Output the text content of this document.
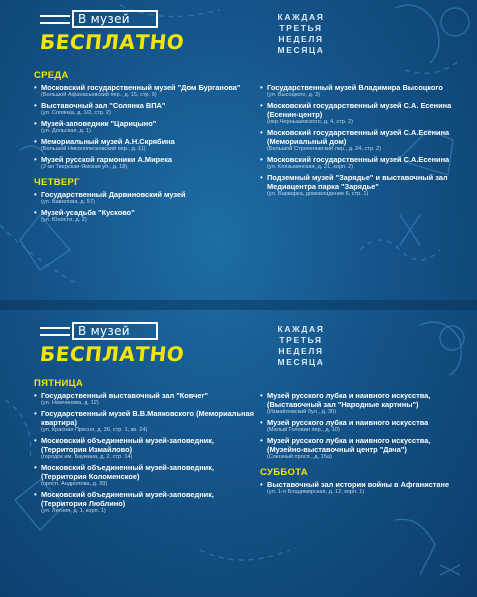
В музей
БЕСПЛАТНО
КАЖДАЯ
ТРЕТЬЯ
НЕДЕЛЯ
МЕСЯЦА
СРЕДА
• Московский государственный музей "Дом Бурганова"
(Большой Афанасьевский пер., д. 15, стр. 9)
• Выставочный зал "Солянка ВПА"
(ул. Солянка, д. 1/2, стр. 2)
• Музей-заповедник "Царицыно"
(ул. Дольская, д. 1)
• Мемориальный музей А.Н.Скрябина
(Большой Николопесковский пер., д. 11)
• Музей русской гармоники А.Мирека
(2-ая Тверская-Ямская ул., д. 18)
ЧЕТВЕРГ
• Государственный Дарвиновский музей
(ул. Вавилова, д. 57)
• Музей-усадьба "Кусково"
(ул. Юности, д. 2)
• Государственный музей Владимира Высоцкого
(ул. Высоцкого, д. 3)
• Московский государственный музей С.А. Есенина (Есенин-центр)
(пер.Чернышевского, д. 4, стр. 2)
• Московский государственный музей С.А.Есенина (Мемориальный дом)
(Большой Строченовский пер., д. 24, стр. 2)
• Московский государственный музей С.А.Есенина
(ул. Клязьминская, д. 21, корп. 2)
• Подземный музей "Зарядье" и выставочный зал Медиацентра парка "Зарядье"
(ул. Варварка, домовладение 6, стр. 1)
В музей
БЕСПЛАТНО
КАЖДАЯ
ТРЕТЬЯ
НЕДЕЛЯ
МЕСЯЦА
ПЯТНИЦА
• Государственный выставочный зал "Ковчег"
(ул. Немчинова, д. 12)
• Государственный музей В.В.Маяковского (Мемориальная квартира)
(ул. Красная Пресня, д. 36, стр. 1, кв. 24)
• Московский объединенный музей-заповедник, (Территория Измайлово)
(городок им. Баумана, д. 2, стр. 14)
• Московский объединенный музей-заповедник, (Территория Коломенское)
(просп. Андропова, д. 39)
• Московский объединенный музей-заповедник, (Территория Люблино)
(ул. Летняя, д. 1, корп. 1)
• Музей русского лубка и наивного искусства, (Выставочный зал "Народные картины")
(Измайловский бул., д. 30)
• Музей русского лубка и наивного искусства
(Малый Головин пер., д. 10)
• Музей русского лубка и наивного искусства, (Музейно-выставочный центр "Дача")
(Союзный просп., д. 15а)
СУББОТА
• Выставочный зал истории войны в Афганистане
(ул. 1-я Владимирская, д. 12, корп. 1)
